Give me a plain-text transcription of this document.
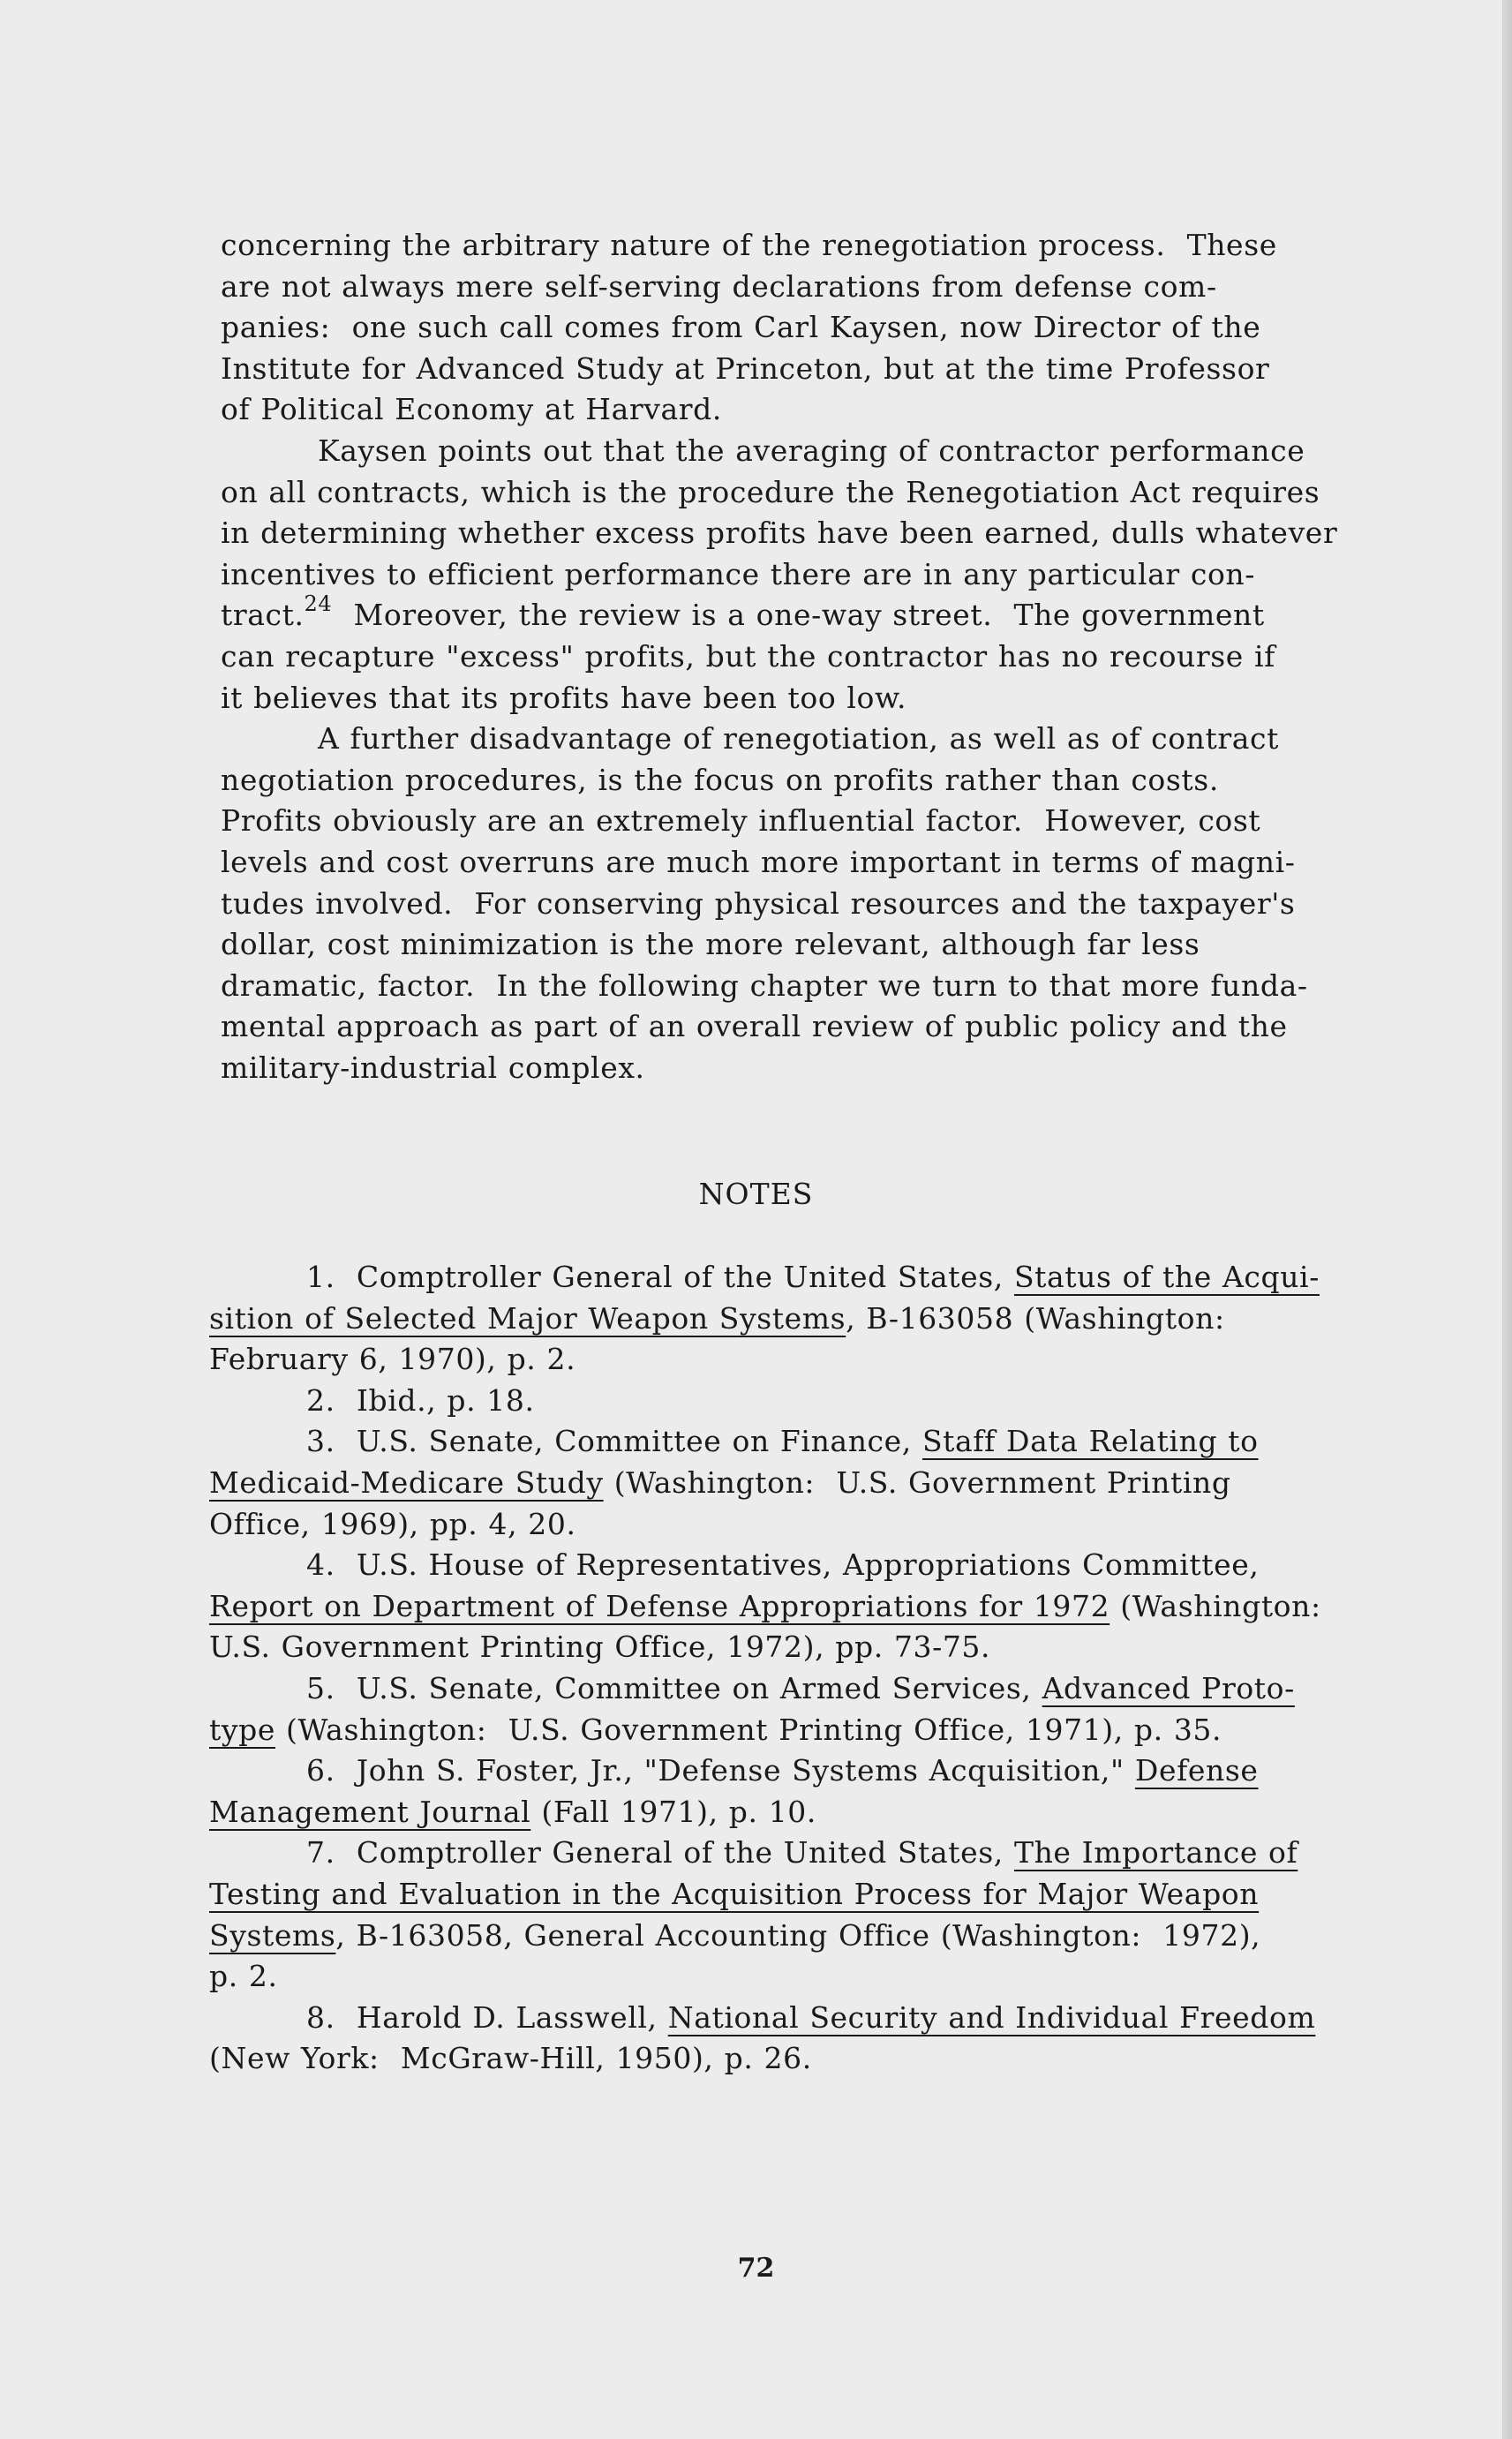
concerning the arbitrary nature of the renegotiation process.  These
are not always mere self-serving declarations from defense com-
panies:  one such call comes from Carl Kaysen, now Director of the
Institute for Advanced Study at Princeton, but at the time Professor
of Political Economy at Harvard.
Kaysen points out that the averaging of contractor performance
on all contracts, which is the procedure the Renegotiation Act requires
in determining whether excess profits have been earned, dulls whatever
incentives to efficient performance there are in any particular con-
tract.$^{24}$  Moreover, the review is a one-way street.  The government
can recapture "excess" profits, but the contractor has no recourse if
it believes that its profits have been too low.
A further disadvantage of renegotiation, as well as of contract
negotiation procedures, is the focus on profits rather than costs.
Profits obviously are an extremely influential factor.  However, cost
levels and cost overruns are much more important in terms of magni-
tudes involved.  For conserving physical resources and the taxpayer's
dollar, cost minimization is the more relevant, although far less
dramatic, factor.  In the following chapter we turn to that more funda-
mental approach as part of an overall review of public policy and the
military-industrial complex.
NOTES
1. Comptroller General of the United States, Status of the Acqui-
sition of Selected Major Weapon Systems, B-163058 (Washington:
February 6, 1970), p. 2.
2. Ibid., p. 18.
3. U.S. Senate, Committee on Finance, Staff Data Relating to
Medicaid-Medicare Study (Washington:  U.S. Government Printing
Office, 1969), pp. 4, 20.
4. U.S. House of Representatives, Appropriations Committee,
Report on Department of Defense Appropriations for 1972 (Washington:
U.S. Government Printing Office, 1972), pp. 73-75.
5. U.S. Senate, Committee on Armed Services, Advanced Proto-
type (Washington:  U.S. Government Printing Office, 1971), p. 35.
6. John S. Foster, Jr., "Defense Systems Acquisition," Defense
Management Journal (Fall 1971), p. 10.
7. Comptroller General of the United States, The Importance of
Testing and Evaluation in the Acquisition Process for Major Weapon
Systems, B-163058, General Accounting Office (Washington:  1972),
p. 2.
8. Harold D. Lasswell, National Security and Individual Freedom
(New York:  McGraw-Hill, 1950), p. 26.
72
